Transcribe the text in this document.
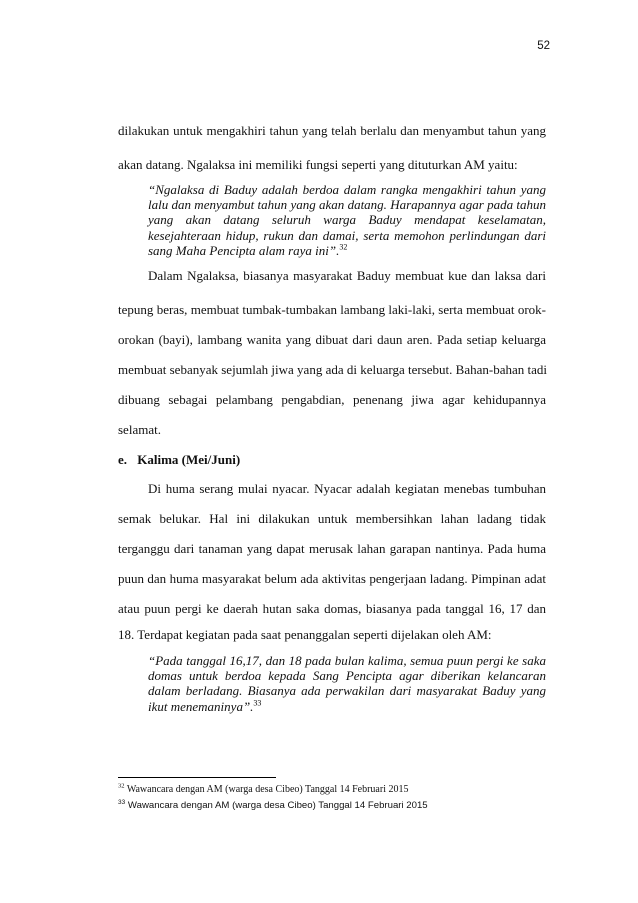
52
dilakukan untuk mengakhiri tahun yang telah berlalu dan menyambut tahun yang
akan datang. Ngalaksa ini memiliki fungsi seperti yang dituturkan AM yaitu:
“Ngalaksa di Baduy adalah berdoa dalam rangka mengakhiri tahun yang
lalu dan menyambut tahun yang akan datang. Harapannya agar pada tahun
yang akan datang seluruh warga Baduy mendapat keselamatan,
kesejahteraan hidup, rukun dan damai, serta memohon perlindungan dari
sang Maha Pencipta alam raya ini”.$^{32}$
Dalam Ngalaksa, biasanya masyarakat Baduy membuat kue dan laksa dari
tepung beras, membuat tumbak-tumbakan lambang laki-laki, serta membuat orok-
orokan (bayi), lambang wanita yang dibuat dari daun aren. Pada setiap keluarga
membuat sebanyak sejumlah jiwa yang ada di keluarga tersebut. Bahan-bahan tadi
dibuang sebagai pelambang pengabdian, penenang jiwa agar kehidupannya
selamat.
e. Kalima (Mei/Juni)
Di huma serang mulai nyacar. Nyacar adalah kegiatan menebas tumbuhan
semak belukar. Hal ini dilakukan untuk membersihkan lahan ladang tidak
terganggu dari tanaman yang dapat merusak lahan garapan nantinya. Pada huma
puun dan huma masyarakat belum ada aktivitas pengerjaan ladang. Pimpinan adat
atau puun pergi ke daerah hutan saka domas, biasanya pada tanggal 16, 17 dan
18. Terdapat kegiatan pada saat penanggalan seperti dijelakan oleh AM:
“Pada tanggal 16,17, dan 18 pada bulan kalima, semua puun pergi ke saka
domas untuk berdoa kepada Sang Pencipta agar diberikan kelancaran
dalam berladang. Biasanya ada perwakilan dari masyarakat Baduy yang
ikut menemaninya”.$^{33}$
$^{32}$ Wawancara dengan AM (warga desa Cibeo) Tanggal 14 Februari 2015
$^{33}$ Wawancara dengan AM (warga desa Cibeo) Tanggal 14 Februari 2015
